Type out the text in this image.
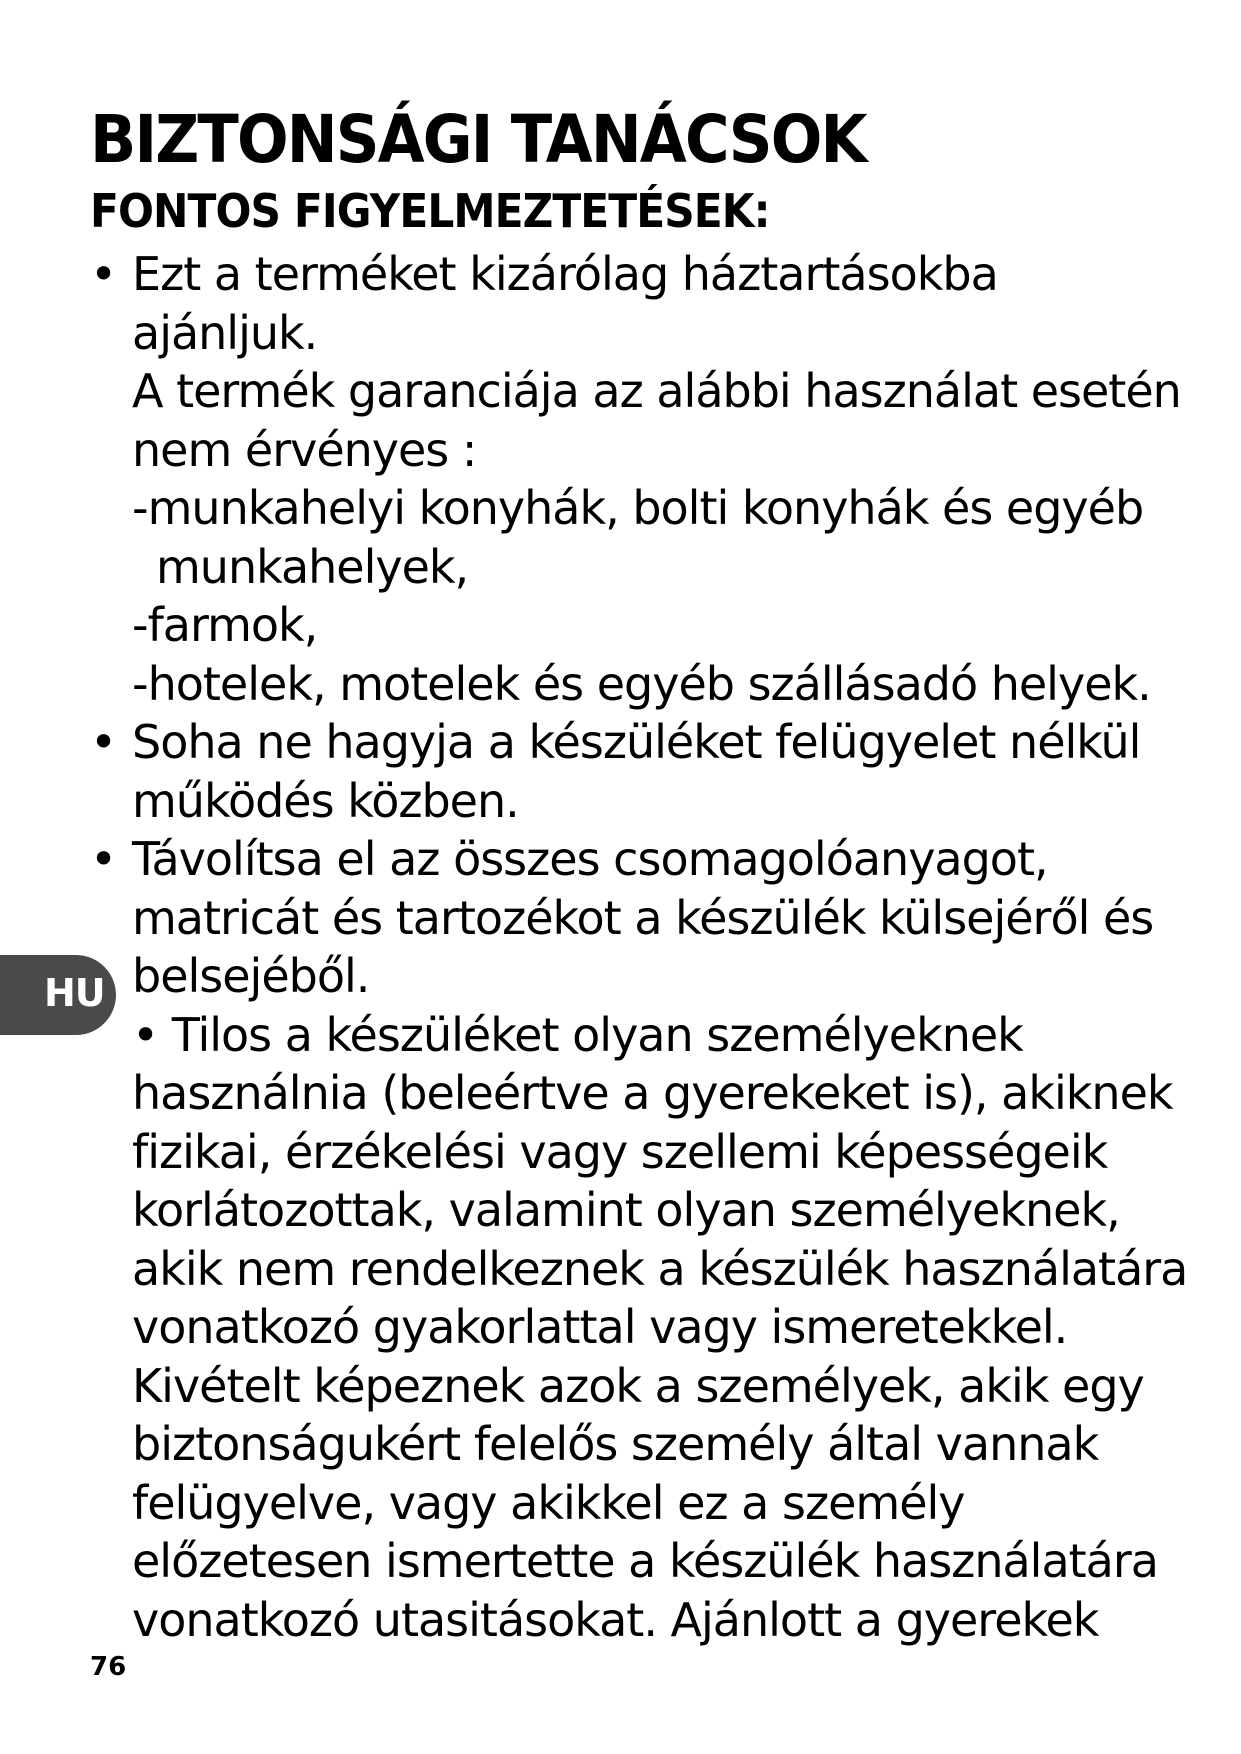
BIZTONSÁGI TANÁCSOK
FONTOS FIGYELMEZTETÉSEK:
• Ezt a terméket kizárólag háztartásokba
ajánljuk.
A termék garanciája az alábbi használat esetén
nem érvényes :
-munkahelyi konyhák, bolti konyhák és egyéb
munkahelyek,
-farmok,
-hotelek, motelek és egyéb szállásadó helyek.
• Soha ne hagyja a készüléket felügyelet nélkül
működés közben.
• Távolítsa el az összes csomagolóanyagot,
matricát és tartozékot a készülék külsejéről és
belsejéből.
• Tilos a készüléket olyan személyeknek
használnia (beleértve a gyerekeket is), akiknek
fizikai, érzékelési vagy szellemi képességeik
korlátozottak, valamint olyan személyeknek,
akik nem rendelkeznek a készülék használatára
vonatkozó gyakorlattal vagy ismeretekkel.
Kivételt képeznek azok a személyek, akik egy
biztonságukért felelős személy által vannak
felügyelve, vagy akikkel ez a személy
előzetesen ismertette a készülék használatára
vonatkozó utasitásokat. Ajánlott a gyerekek
HU
76
